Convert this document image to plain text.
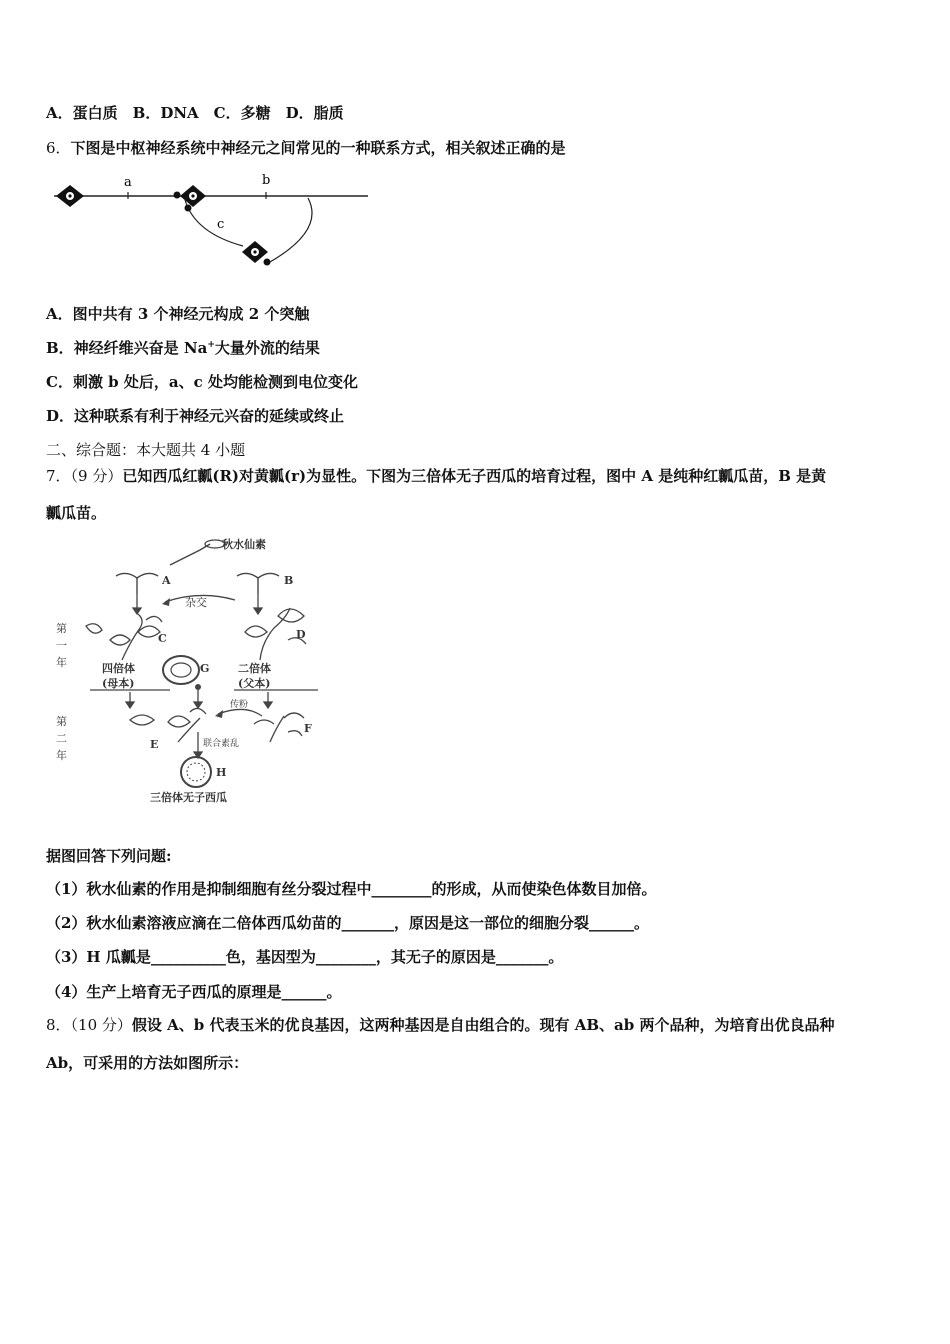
A．蛋白质　B．DNA　C．多糖　D．脂质
6．下图是中枢神经系统中神经元之间常见的一种联系方式，相关叙述正确的是
a	b
c
A．图中共有 3 个神经元构成 2 个突触
B．神经纤维兴奋是 Na+大量外流的结果
C．刺激 b 处后，a、c 处均能检测到电位变化
D．这种联系有利于神经元兴奋的延续或终止
二、综合题：本大题共 4 小题
7．（9 分）已知西瓜红瓤(R)对黄瓤(r)为显性。下图为三倍体无子西瓜的培育过程，图中 A 是纯种红瓤瓜苗，B 是黄
瓤瓜苗。
秋水仙素
A	B
杂交
第
一
年
C	D
四倍体
(母本)
二倍体
(父本)
G
第
二
年
E
传粉
F
联合素乱
H
三倍体无子西瓜
据图回答下列问题:
（1）秋水仙素的作用是抑制细胞有丝分裂过程中________的形成，从而使染色体数目加倍。
（2）秋水仙素溶液应滴在二倍体西瓜幼苗的_______，原因是这一部位的细胞分裂______。
（3）H 瓜瓤是__________色，基因型为________，其无子的原因是_______。
（4）生产上培育无子西瓜的原理是______。
8．（10 分）假设 A、b 代表玉米的优良基因，这两种基因是自由组合的。现有 AB、ab 两个品种，为培育出优良品种
Ab，可采用的方法如图所示：
